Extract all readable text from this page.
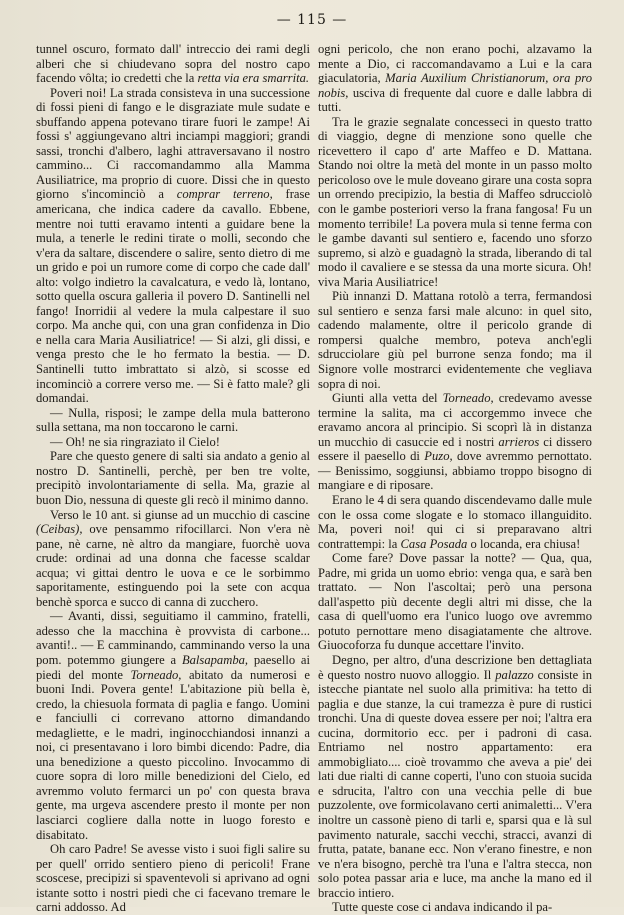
— 115 —

tunnel oscuro, formato dall' intreccio dei rami degli alberi che si chiudevano sopra del nostro capo facendo vôlta; io credetti che la retta via era smarrita.

Poveri noi! La strada consisteva in una successione di fossi pieni di fango e le disgraziate mule sudate e sbuffando appena potevano tirare fuori le zampe! Ai fossi s' aggiungevano altri inciampi maggiori; grandi sassi, tronchi d'albero, laghi attraversavano il nostro cammino... Ci raccomandammo alla Mamma Ausiliatrice, ma proprio di cuore. Dissi che in questo giorno s'incominciò a comprar terreno, frase americana, che indica cadere da cavallo. Ebbene, mentre noi tutti eravamo intenti a guidare bene la mula, a tenerle le redini tirate o molli, secondo che v'era da saltare, discendere o salire, sento dietro di me un grido e poi un rumore come di corpo che cade dall' alto: volgo indietro la cavalcatura, e vedo là, lontano, sotto quella oscura galleria il povero D. Santinelli nel fango! Inorridii al vedere la mula calpestare il suo corpo. Ma anche qui, con una gran confidenza in Dio e nella cara Maria Ausiliatrice! — Si alzi, gli dissi, e venga presto che le ho fermato la bestia. — D. Santinelli tutto imbrattato si alzò, si scosse ed incominciò a correre verso me. — Si è fatto male? gli domandai.

— Nulla, risposi; le zampe della mula batterono sulla settana, ma non toccarono le carni.

— Oh! ne sia ringraziato il Cielo!

Pare che questo genere di salti sia andato a genio al nostro D. Santinelli, perchè, per ben tre volte, precipitò involontariamente di sella. Ma, grazie al buon Dio, nessuna di queste gli recò il minimo danno.

Verso le 10 ant. si giunse ad un mucchio di cascine (Ceibas), ove pensammo rifocillarci. Non v'era nè pane, nè carne, nè altro da mangiare, fuorchè uova crude: ordinai ad una donna che facesse scaldar acqua; vi gittai dentro le uova e ce le sorbimmo saporitamente, estinguendo poi la sete con acqua benchè sporca e succo di canna di zucchero.

— Avanti, dissi, seguitiamo il cammino, fratelli, adesso che la macchina è provvista di carbone... avanti!.. — E camminando, camminando verso la una pom. potemmo giungere a Balsapamba, paesello ai piedi del monte Torneado, abitato da numerosi e buoni Indi. Povera gente! L'abitazione più bella è, credo, la chiesuola formata di paglia e fango. Uomini e fanciulli ci correvano attorno dimandando medagliette, e le madri, inginocchiandosi innanzi a noi, ci presentavano i loro bimbi dicendo: Padre, dia una benedizione a questo piccolino. Invocammo di cuore sopra di loro mille benedizioni del Cielo, ed avremmo voluto fermarci un po' con questa brava gente, ma urgeva ascendere presto il monte per non lasciarci cogliere dalla notte in luogo foresto e disabitato.

Oh caro Padre! Se avesse visto i suoi figli salire su per quell' orrido sentiero pieno di pericoli! Frane scoscese, precipizi si spaventevoli si aprivano ad ogni istante sotto i nostri piedi che ci facevano tremare le carni addosso. Ad

ogni pericolo, che non erano pochi, alzavamo la mente a Dio, ci raccomandavamo a Lui e la cara giaculatoria, Maria Auxilium Christianorum, ora pro nobis, usciva di frequente dal cuore e dalle labbra di tutti.

Tra le grazie segnalate concesseci in questo tratto di viaggio, degne di menzione sono quelle che ricevettero il capo d' arte Maffeo e D. Mattana. Stando noi oltre la metà del monte in un passo molto pericoloso ove le mule doveano girare una costa sopra un orrendo precipizio, la bestia di Maffeo sdrucciolò con le gambe posteriori verso la frana fangosa! Fu un momento terribile! La povera mula si tenne ferma con le gambe davanti sul sentiero e, facendo uno sforzo supremo, si alzò e guadagnò la strada, liberando di tal modo il cavaliere e se stessa da una morte sicura. Oh! viva Maria Ausiliatrice!

Più innanzi D. Mattana rotolò a terra, fermandosi sul sentiero e senza farsi male alcuno: in quel sito, cadendo malamente, oltre il pericolo grande di rompersi qualche membro, poteva anch'egli sdrucciolare giù pel burrone senza fondo; ma il Signore volle mostrarci evidentemente che vegliava sopra di noi.

Giunti alla vetta del Torneado, credevamo avesse termine la salita, ma ci accorgemmo invece che eravamo ancora al principio. Si scoprì là in distanza un mucchio di casuccie ed i nostri arrieros ci dissero essere il paesello di Puzo, dove avremmo pernottato. — Benissimo, soggiunsi, abbiamo troppo bisogno di mangiare e di riposare.

Erano le 4 di sera quando discendevamo dalle mule con le ossa come slogate e lo stomaco illanguidito. Ma, poveri noi! qui ci si preparavano altri contrattempi: la Casa Posada o locanda, era chiusa!

Come fare? Dove passar la notte? — Qua, qua, Padre, mi grida un uomo ebrio: venga qua, e sarà ben trattato. — Non l'ascoltai; però una persona dall'aspetto più decente degli altri mi disse, che la casa di quell'uomo era l'unico luogo ove avremmo potuto pernottare meno disagiatamente che altrove. Giuocoforza fu dunque accettare l'invito.

Degno, per altro, d'una descrizione ben dettagliata è questo nostro nuovo alloggio. Il palazzo consiste in istecche piantate nel suolo alla primitiva: ha tetto di paglia e due stanze, la cui tramezza è pure di rustici tronchi. Una di queste dovea essere per noi; l'altra era cucina, dormitorio ecc. per i padroni di casa. Entriamo nel nostro appartamento: era ammobigliato.... cioè trovammo che aveva a pie' dei lati due rialti di canne coperti, l'uno con stuoia sucida e sdrucita, l'altro con una vecchia pelle di bue puzzolente, ove formicolavano certi animaletti... V'era inoltre un cassonè pieno di tarli e, sparsi qua e là sul pavimento naturale, sacchi vecchi, stracci, avanzi di frutta, patate, banane ecc. Non v'erano finestre, e non ve n'era bisogno, perchè tra l'una e l'altra stecca, non solo potea passar aria e luce, ma anche la mano ed il braccio intiero.

Tutte queste cose ci andava indicando il pa-
